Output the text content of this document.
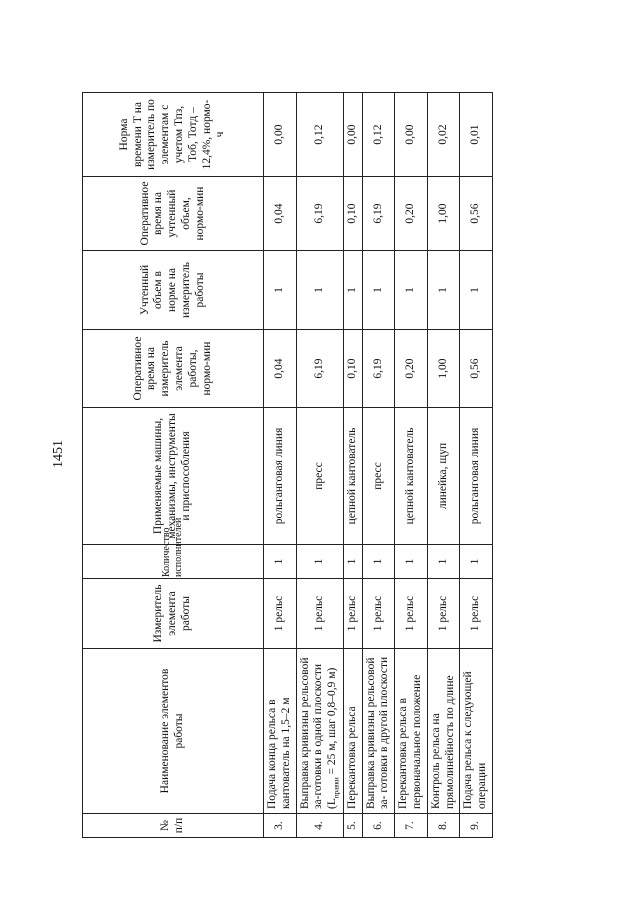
1451
№ п/п	Наименование элементов работы	Измеритель элемента работы	Количество исполнителей	Применяемые машины, механизмы, инструменты и приспособления	Оперативное время на измеритель элемента работы, нормо-мин	Учтенный объем в норме на измеритель работы	Оперативное время на учтенный объем, нормо-мин	Норма времени Т на измеритель по элементам с учетом Тпз, Тоб, Тотд – 12,4%, нормо-ч
3.	Подача конца рельса в кантователь на 1,5–2 м	1 рельс	1	рольганговая линия	0,04	1	0,04	0,00
4.	Выправка кривизны рельсовой за-готовки в одной плоскости ($L_{правки} = 25$ м, шаг 0,8–0,9 м)	1 рельс	1	пресс	6,19	1	6,19	0,12
5.	Перекантовка рельса	1 рельс	1	цепной кантователь	0,10	1	0,10	0,00
6.	Выправка кривизны рельсовой за- готовки в другой плоскости	1 рельс	1	пресс	6,19	1	6,19	0,12
7.	Перекантовка рельса в первоначальное положение	1 рельс	1	цепной кантователь	0,20	1	0,20	0,00
8.	Контроль рельса на прямолинейность по длине	1 рельс	1	линейка, щуп	1,00	1	1,00	0,02
9.	Подача рельса к следующей операции	1 рельс	1	рольганговая линия	0,56	1	0,56	0,01
